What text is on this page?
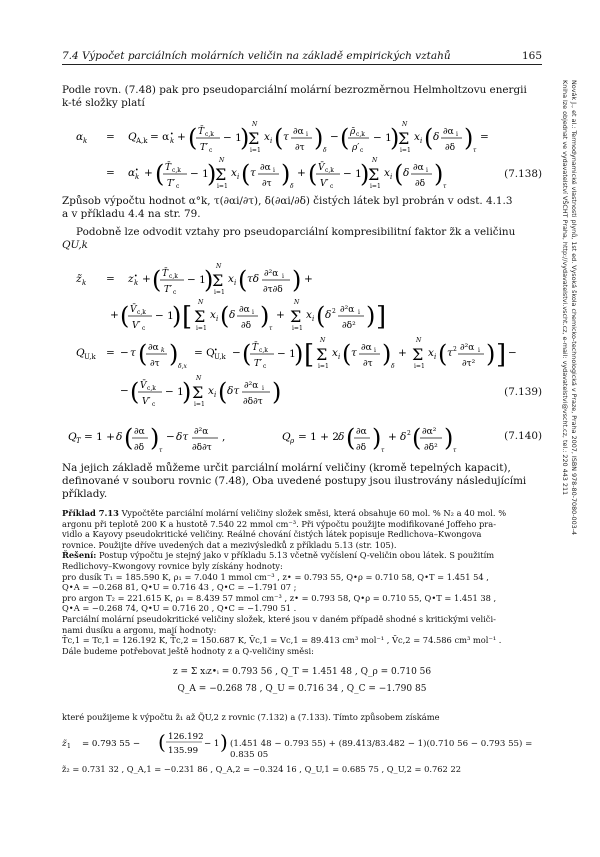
7.4 Výpočet parciálních molárních veličin na základě empirických vztahů	165
Novák J., et al.: Termodynamické vlastnosti plynů, 1st ed. Vysoká škola chemicko-technologická v Praze, Praha 2007, ISBN 978-80-7080-003-4
Kniha lze objednat ve vydavatelství VŠCHT Praha, http://vydavatelstvi.vscht.cz, e-mail: vydavatelstvi@vscht.cz, tel.: 220 443 211
Podle rovn. (7.48) pak pro pseudoparciální molární bezrozměrnou Helmholtzovu energii
k-té složky platí
α k = Q A,k = α •
k + ( T̄ c,k
T′ c
− 1
) N
Σ
i=1
x i ( τ ∂α i
∂τ ) δ
− ( ρ̄ c,k
ρ′ c
− 1
) N
Σ
i=1
x i ( δ ∂α i
∂δ ) τ
=
= α •
k + ( T̄ c,k
T′ c
− 1
) N
Σ
i=1
x i ( τ ∂α i
∂τ ) δ
+ ( V̄ c,k
V′ c
− 1
) N
Σ
i=1
x i ( δ ∂α i
∂δ ) τ
(7.138)
Způsob výpočtu hodnot α°k, τ(∂αi/∂τ), δ(∂αi/∂δ) čistých látek byl probrán v odst. 4.1.3
a v příkladu 4.4 na str. 79.
Podobně lze odvodit vztahy pro pseudoparciální kompresibilitní faktor z̃k a veličinu
QU,k
z̃ k = z •
k + ( T̄ c,k
T′ c
− 1
) N
Σ
i=1
x i ( τδ ∂²α i
∂τ∂δ ) +
+ ( V̄ c,k
V′ c
− 1
) [ N
Σ
i=1
x i ( δ ∂α i
∂δ ) τ
+
N
Σ
i=1
x i ( δ 2 ∂²α i
∂δ² ) ]
Q U,k = − τ ( ∂α k
∂τ ) δ,x
= Q •
U,k − ( T̄ c,k
T′ c
− 1
) [ N
Σ
i=1
x i ( τ ∂α i
∂τ ) δ
+
N
Σ
i=1
x i ( τ 2 ∂²α i
∂τ² ) ] −
− ( V̄ c,k
V′ c
− 1
) N
Σ
i=1
x i ( δτ ∂²α i
∂δ∂τ )	(7.139)
Q T = 1 + δ ( ∂α
∂δ ) τ
− δτ ∂²α
∂δ∂τ
,	Q ρ = 1 + 2 δ ( ∂α
∂δ ) τ
+ δ 2 ( ∂α²
∂δ² ) τ
(7.140)
Na jejich základě můžeme určit parciální molární veličiny (kromě tepelných kapacit),
definované v souboru rovnic (7.48), Oba uvedené postupy jsou ilustrovány následujícími
příklady.
Příklad 7.13 Vypočtěte parciální molární veličiny složek směsi, která obsahuje 60 mol. % N₂ a 40 mol. %
argonu při teplotě 200 K a hustotě 7.540 22 mmol cm⁻³. Při výpočtu použijte modifikované Joffeho pra-
vidlo a Kayovy pseudokritické veličiny. Reálné chování čistých látek popisuje Redlichova–Kwongova
rovnice. Použijte dříve uvedených dat a mezivýsledků z příkladu 5.13 (str. 105).
Řešení: Postup výpočtu je stejný jako v příkladu 5.13 včetně vyčíslení Q-veličin obou látek. S použitím
Redlichovy–Kwongovy rovnice byly získány hodnoty:
pro dusík T₁ = 185.590 K, ρ₁ = 7.040 1 mmol cm⁻³ , z• = 0.793 55, Q•ρ = 0.710 58, Q•T = 1.451 54 ,
Q•A = −0.268 81, Q•U = 0.716 43 , Q•C = −1.791 07 ;
pro argon T₂ = 221.615 K, ρ₁ = 8.439 57 mmol cm⁻³ , z• = 0.793 58, Q•ρ = 0.710 55, Q•T = 1.451 38 ,
Q•A = −0.268 74, Q•U = 0.716 20 , Q•C = −1.790 51 .
Parciální molární pseudokritické veličiny složek, které jsou v daném případě shodné s kritickými veliči-
nami dusíku a argonu, mají hodnoty:
T̄c,1 = Tc,1 = 126.192 K, T̄c,2 = 150.687 K, V̄c,1 = Vc,1 = 89.413 cm³ mol⁻¹ , V̄c,2 = 74.586 cm³ mol⁻¹ .
Dále budeme potřebovat ještě hodnoty z a Q-veličiny směsi:
z = Σ xᵢz•ᵢ = 0.793 56 , Q_T = 1.451 48 , Q_ρ = 0.710 56
Q_A = −0.268 78 , Q_U = 0.716 34 , Q_C = −1.790 85
které použijeme k výpočtu z̃₁ až Q̃U,2 z rovnic (7.132) a (7.133). Tímto způsobem získáme
z̃ 1 = 0.793 55 − ( 126.192
135.99
− 1 ) (1.451 48 − 0.793 55) + (89.413/83.482 − 1)(0.710 56 − 0.793 55) = 0.835 05
z̃₂ = 0.731 32 , Q_A,1 = −0.231 86 , Q_A,2 = −0.324 16 , Q_U,1 = 0.685 75 , Q_U,2 = 0.762 22
